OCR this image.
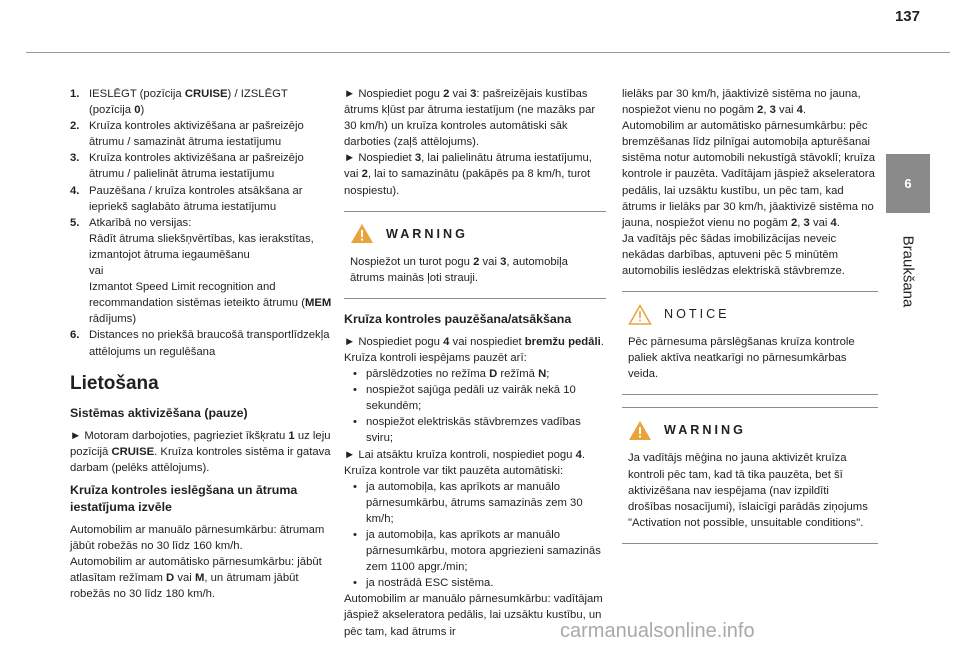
137
6
Braukšana
1. IESLĒGT (pozīcija CRUISE) / IZSLĒGT (pozīcija 0)
2. Kruīza kontroles aktivizēšana ar pašreizējo ātrumu / samazināt ātruma iestatījumu
3. Kruīza kontroles aktivizēšana ar pašreizējo ātrumu / palielināt ātruma iestatījumu
4. Pauzēšana / kruīza kontroles atsākšana ar iepriekš saglabāto ātruma iestatījumu
5. Atkarībā no versijas:
Rādīt ātruma sliekšņvērtības, kas ierakstītas, izmantojot ātruma iegaumēšanu
vai
Izmantot Speed Limit recognition and recommandation sistēmas ieteikto ātrumu (MEM rādījums)
6. Distances no priekšā braucošā transportlīdzekļa attēlojums un regulēšana
Lietošana
Sistēmas aktivizēšana (pauze)

► Motoram darbojoties, pagrieziet īkšķratu 1 uz leju pozīcijā CRUISE. Kruīza kontroles sistēma ir gatava darbam (pelēks attēlojums).

Kruīza kontroles ieslēgšana un ātruma iestatījuma izvēle

Automobilim ar manuālo pārnesumkārbu: ātrumam jābūt robežās no 30 līdz 160 km/h.
Automobilim ar automātisko pārnesumkārbu: jābūt atlasītam režīmam D vai M, un ātrumam jābūt robežās no 30 līdz 180 km/h.

► Nospiediet pogu 2 vai 3: pašreizējais kustības ātrums kļūst par ātruma iestatījum (ne mazāks par 30 km/h) un kruīza kontroles automātiski sāk darboties (zaļš attēlojums).
► Nospiediet 3, lai palielinātu ātruma iestatījumu, vai 2, lai to samazinātu (pakāpēs pa 8 km/h, turot nospiestu).

WARNING

Nospiežot un turot pogu 2 vai 3, automobiļa ātrums mainās ļoti strauji.

Kruīza kontroles pauzēšana/atsākšana

► Nospiediet pogu 4 vai nospiediet bremžu pedāli. Kruīza kontroli iespējams pauzēt arī:

• pārslēdzoties no režīma D režīmā N;
• nospiežot sajūga pedāli uz vairāk nekā 10 sekundēm;
• nospiežot elektriskās stāvbremzes vadības sviru;

► Lai atsāktu kruīza kontroli, nospiediet pogu 4.
Kruīza kontrole var tikt pauzēta automātiski:

• ja automobiļa, kas aprīkots ar manuālo pārnesumkārbu, ātrums samazinās zem 30 km/h;
• ja automobiļa, kas aprīkots ar manuālo pārnesumkārbu, motora apgriezieni samazinās zem 1100 apgr./min;
• ja nostrādā ESC sistēma.

Automobilim ar manuālo pārnesumkārbu: vadītājam jāspiež akseleratora pedālis, lai uzsāktu kustību, un pēc tam, kad ātrums ir

lielāks par 30 km/h, jāaktivizē sistēma no jauna, nospiežot vienu no pogām 2, 3 vai 4.
Automobilim ar automātisko pārnesumkārbu: pēc bremzēšanas līdz pilnīgai automobiļa apturēšanai sistēma notur automobili nekustīgā stāvoklī; kruīza kontrole ir pauzēta. Vadītājam jāspiež akseleratora pedālis, lai uzsāktu kustību, un pēc tam, kad ātrums ir lielāks par 30 km/h, jāaktivizē sistēma no jauna, nospiežot vienu no pogām 2, 3 vai 4.
Ja vadītājs pēc šādas imobilizācijas neveic nekādas darbības, aptuveni pēc 5 minūtēm automobilis ieslēdzas elektriskā stāvbremze.

NOTICE

Pēc pārnesuma pārslēgšanas kruīza kontrole paliek aktīva neatkarīgi no pārnesumkārbas veida.

WARNING

Ja vadītājs mēģina no jauna aktivizēt kruīza kontroli pēc tam, kad tā tika pauzēta, bet šī aktivizēšana nav iespējama (nav izpildīti drošības nosacījumi), īslaicīgi parādās ziņojums "Activation not possible, unsuitable conditions".

carmanualsonline.info
